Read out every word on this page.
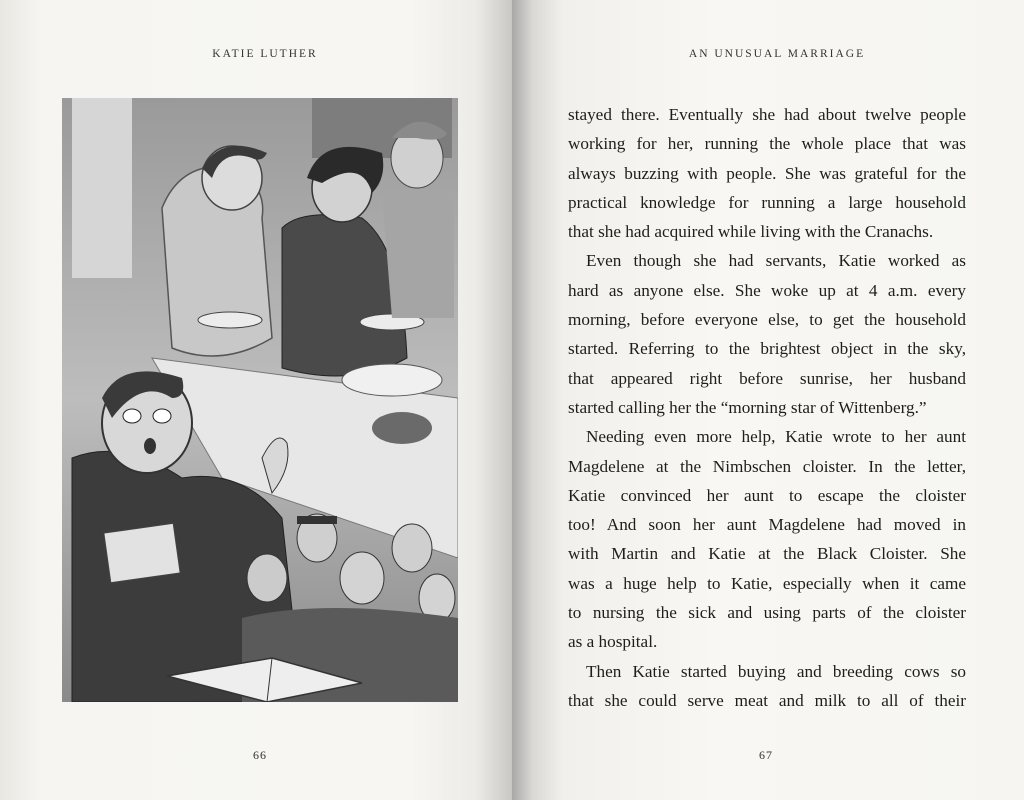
KATIE LUTHER
66
AN UNUSUAL MARRIAGE
67
stayed there. Eventually she had about twelve people
working for her, running the whole place that was
always buzzing with people. She was grateful for the
practical knowledge for running a large household
that she had acquired while living with the Cranachs.
Even though she had servants, Katie worked as
hard as anyone else. She woke up at 4 a.m. every
morning, before everyone else, to get the household
started. Referring to the brightest object in the sky,
that appeared right before sunrise, her husband
started calling her the “morning star of Wittenberg.”
Needing even more help, Katie wrote to her aunt
Magdelene at the Nimbschen cloister. In the letter,
Katie convinced her aunt to escape the cloister
too! And soon her aunt Magdelene had moved in
with Martin and Katie at the Black Cloister. She
was a huge help to Katie, especially when it came
to nursing the sick and using parts of the cloister
as a hospital.
Then Katie started buying and breeding cows so
that she could serve meat and milk to all of their
